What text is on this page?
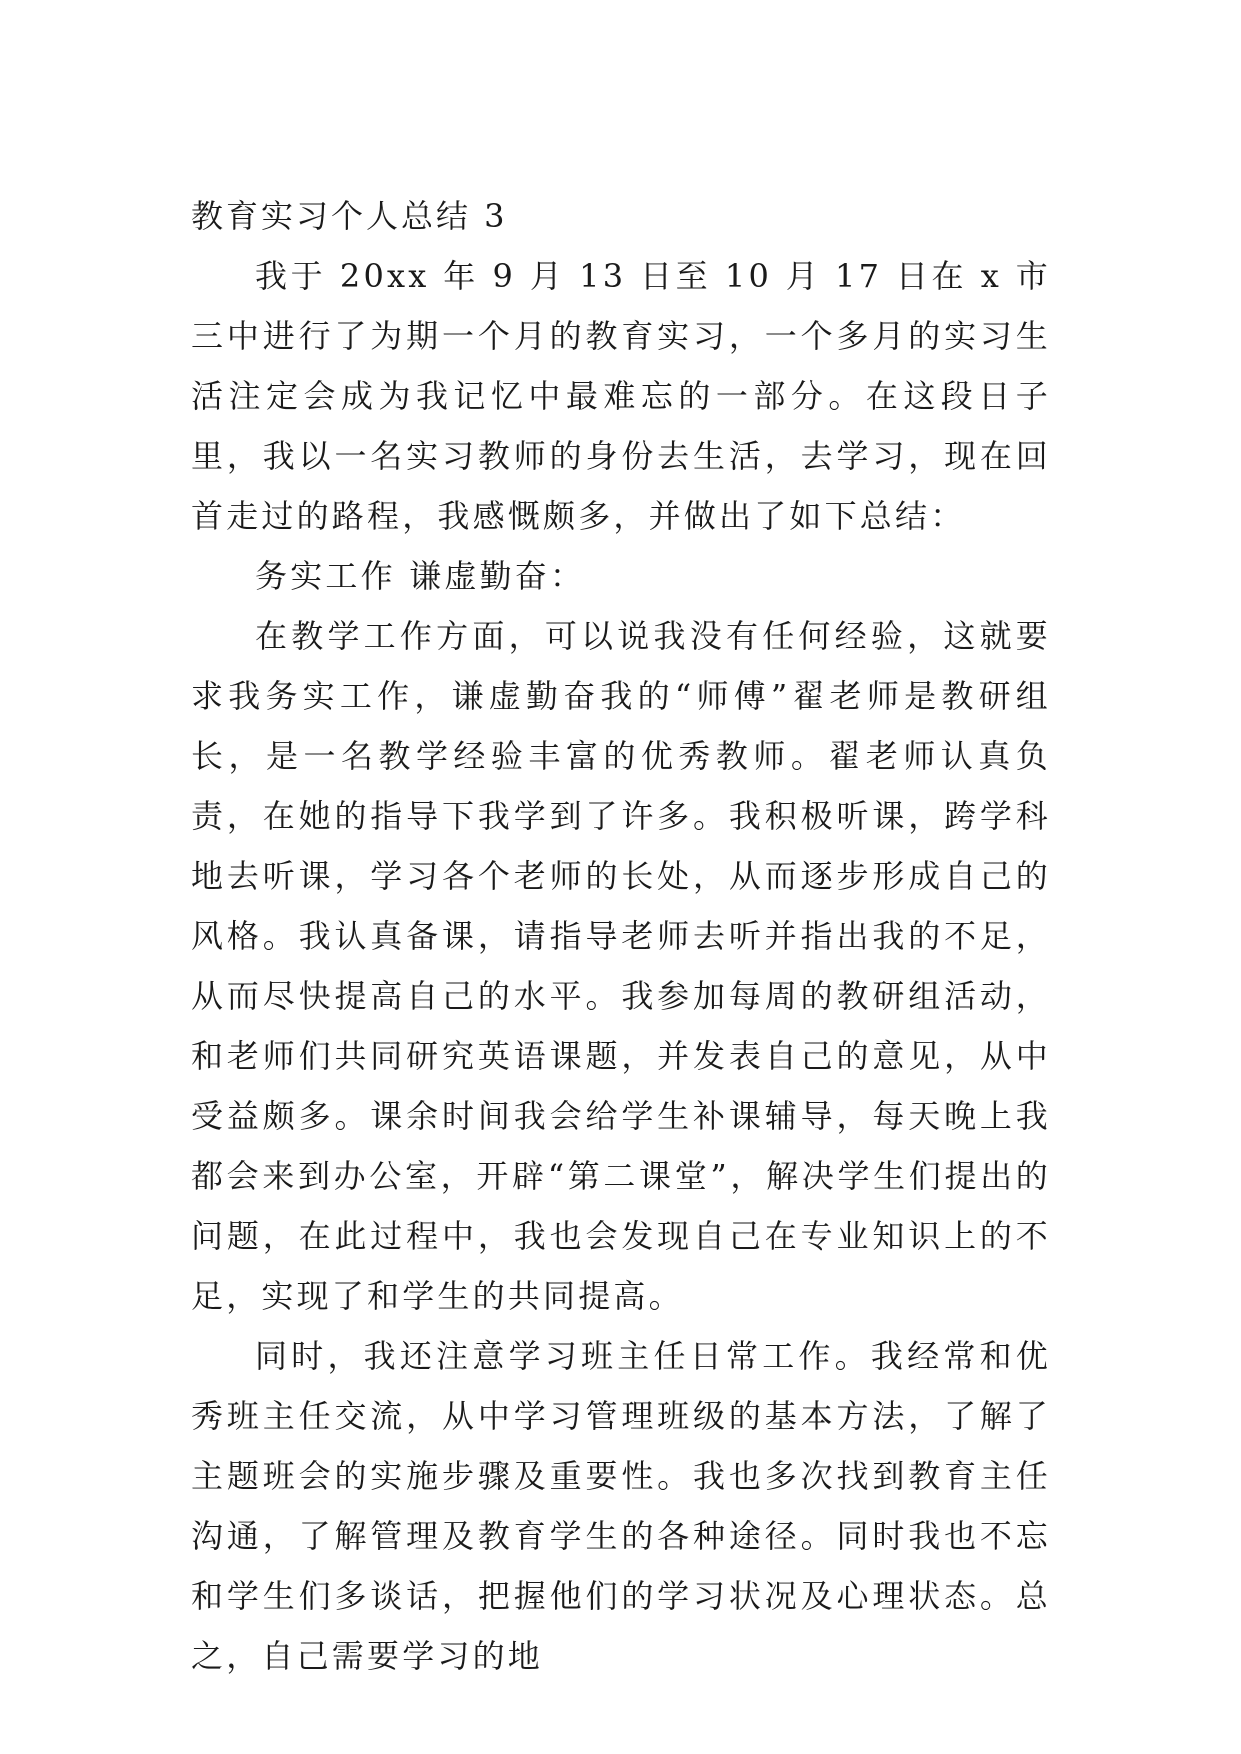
教育实习个人总结 3

我于 20xx 年 9 月 13 日至 10 月 17 日在 x 市三中进行了为期一个月的教育实习，一个多月的实习生活注定会成为我记忆中最难忘的一部分。在这段日子里，我以一名实习教师的身份去生活，去学习，现在回首走过的路程，我感慨颇多，并做出了如下总结：

务实工作 谦虚勤奋：

在教学工作方面，可以说我没有任何经验，这就要求我务实工作，谦虚勤奋我的“师傅”翟老师是教研组长，是一名教学经验丰富的优秀教师。翟老师认真负责，在她的指导下我学到了许多。我积极听课，跨学科地去听课，学习各个老师的长处，从而逐步形成自己的风格。我认真备课，请指导老师去听并指出我的不足，从而尽快提高自己的水平。我参加每周的教研组活动，和老师们共同研究英语课题，并发表自己的意见，从中受益颇多。课余时间我会给学生补课辅导，每天晚上我都会来到办公室，开辟“第二课堂”，解决学生们提出的问题，在此过程中，我也会发现自己在专业知识上的不足，实现了和学生的共同提高。

同时，我还注意学习班主任日常工作。我经常和优秀班主任交流，从中学习管理班级的基本方法，了解了主题班会的实施步骤及重要性。我也多次找到教育主任沟通，了解管理及教育学生的各种途径。同时我也不忘和学生们多谈话，把握他们的学习状况及心理状态。总之，自己需要学习的地
